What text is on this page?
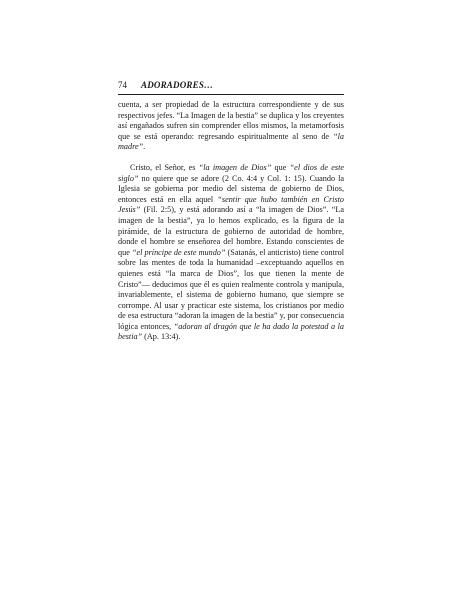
74 ADORADORES…

cuenta, a ser propiedad de la estructura correspondiente y de sus respectivos jefes. “La Imagen de la bestia” se duplica y los creyentes así engañados sufren sin comprender ellos mismos, la metamorfosis que se está operando: regresando espiritualmente al seno de “la madre”.

Cristo, el Señor, es “la imagen de Dios” que “el dios de este siglo” no quiere que se adore (2 Co. 4:4 y Col. 1: 15). Cuando la Iglesia se gobierna por medio del sistema de gobierno de Dios, entonces está en ella aquel “sentir que hubo también en Cristo Jesús” (Fil. 2:5), y está adorando así a “la imagen de Dios”. “La imagen de la bestia”, ya lo hemos explicado, es la figura de la pirámide, de la estructura de gobierno de autoridad de hombre, donde el hombre se enseñorea del hombre. Estando conscientes de que “el príncipe de este mundo” (Satanás, el anticristo) tiene control sobre las mentes de toda la humanidad –exceptuando aquellos en quienes está “la marca de Dios”, los que tienen la mente de Cristo”— deducimos que él es quien realmente controla y manipula, invariablemente, el sistema de gobierno humano, que siempre se corrompe. Al usar y practicar este sistema, los cristianos por medio de esa estructura “adoran la imagen de la bestia” y, por consecuencia lógica entonces, “adoran al dragón que le ha dado la potestad a la bestia” (Ap. 13:4).
